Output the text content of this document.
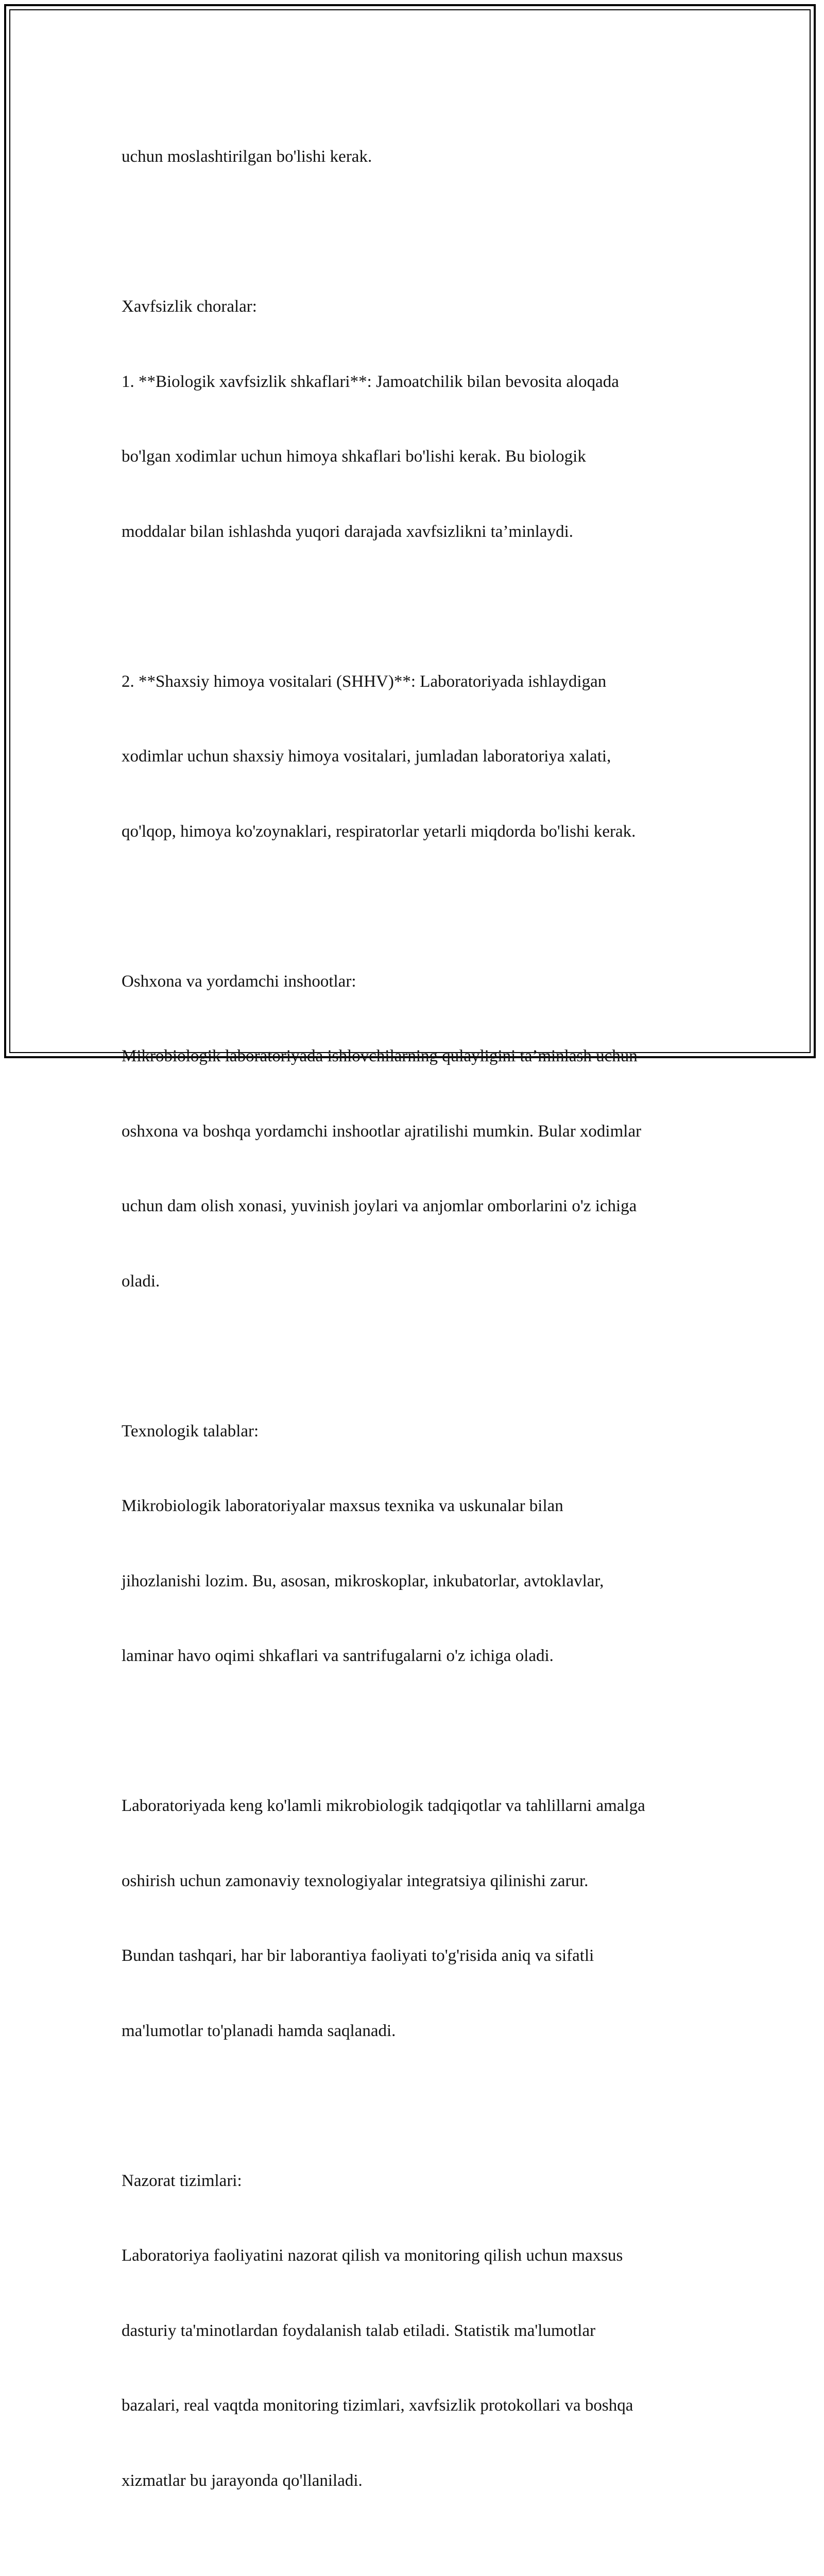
uchun moslashtirilgan bo'lishi kerak.

Xavfsizlik choralar:

1. **Biologik xavfsizlik shkaflari**: Jamoatchilik bilan bevosita aloqada

bo'lgan xodimlar uchun himoya shkaflari bo'lishi kerak. Bu biologik

moddalar bilan ishlashda yuqori darajada xavfsizlikni ta’minlaydi.

2. **Shaxsiy himoya vositalari (SHHV)**: Laboratoriyada ishlaydigan

xodimlar uchun shaxsiy himoya vositalari, jumladan laboratoriya xalati,

qo'lqop, himoya ko'zoynaklari, respiratorlar yetarli miqdorda bo'lishi kerak.

Oshxona va yordamchi inshootlar:

Mikrobiologik laboratoriyada ishlovchilarning qulayligini ta’minlash uchun

oshxona va boshqa yordamchi inshootlar ajratilishi mumkin. Bular xodimlar

uchun dam olish xonasi, yuvinish joylari va anjomlar omborlarini o'z ichiga

oladi.

Texnologik talablar:

Mikrobiologik laboratoriyalar maxsus texnika va uskunalar bilan

jihozlanishi lozim. Bu, asosan, mikroskoplar, inkubatorlar, avtoklavlar,

laminar havo oqimi shkaflari va santrifugalarni o'z ichiga oladi.

Laboratoriyada keng ko'lamli mikrobiologik tadqiqotlar va tahlillarni amalga

oshirish uchun zamonaviy texnologiyalar integratsiya qilinishi zarur.

Bundan tashqari, har bir laborantiya faoliyati to'g'risida aniq va sifatli

ma'lumotlar to'planadi hamda saqlanadi.

Nazorat tizimlari:

Laboratoriya faoliyatini nazorat qilish va monitoring qilish uchun maxsus

dasturiy ta'minotlardan foydalanish talab etiladi. Statistik ma'lumotlar

bazalari, real vaqtda monitoring tizimlari, xavfsizlik protokollari va boshqa

xizmatlar bu jarayonda qo'llaniladi.
